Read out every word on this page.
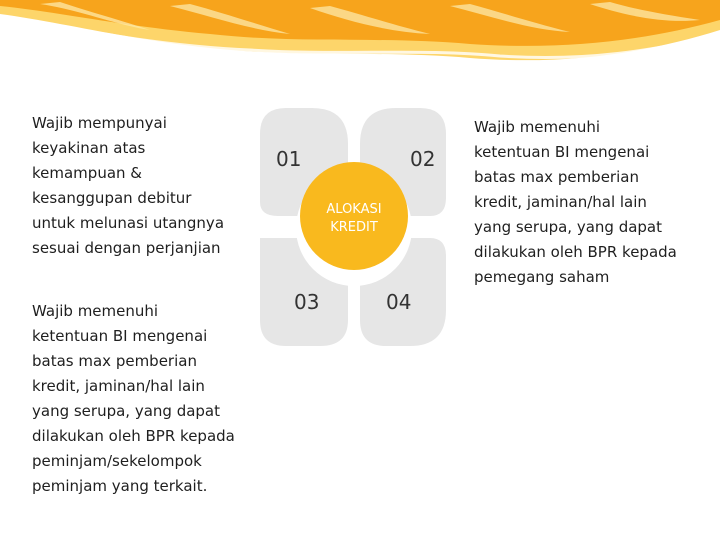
Wajib mempunyai
keyakinan atas
kemampuan &
kesanggupan debitur
untuk melunasi utangnya
sesuai dengan perjanjian
Wajib memenuhi
ketentuan BI mengenai
batas max pemberian
kredit, jaminan/hal lain
yang serupa, yang dapat
dilakukan oleh BPR kepada
peminjam/sekelompok
peminjam yang terkait.
Wajib memenuhi
ketentuan BI mengenai
batas max pemberian
kredit, jaminan/hal lain
yang serupa, yang dapat
dilakukan oleh BPR kepada
pemegang saham
ALOKASI
KREDIT
01	02
03	04
